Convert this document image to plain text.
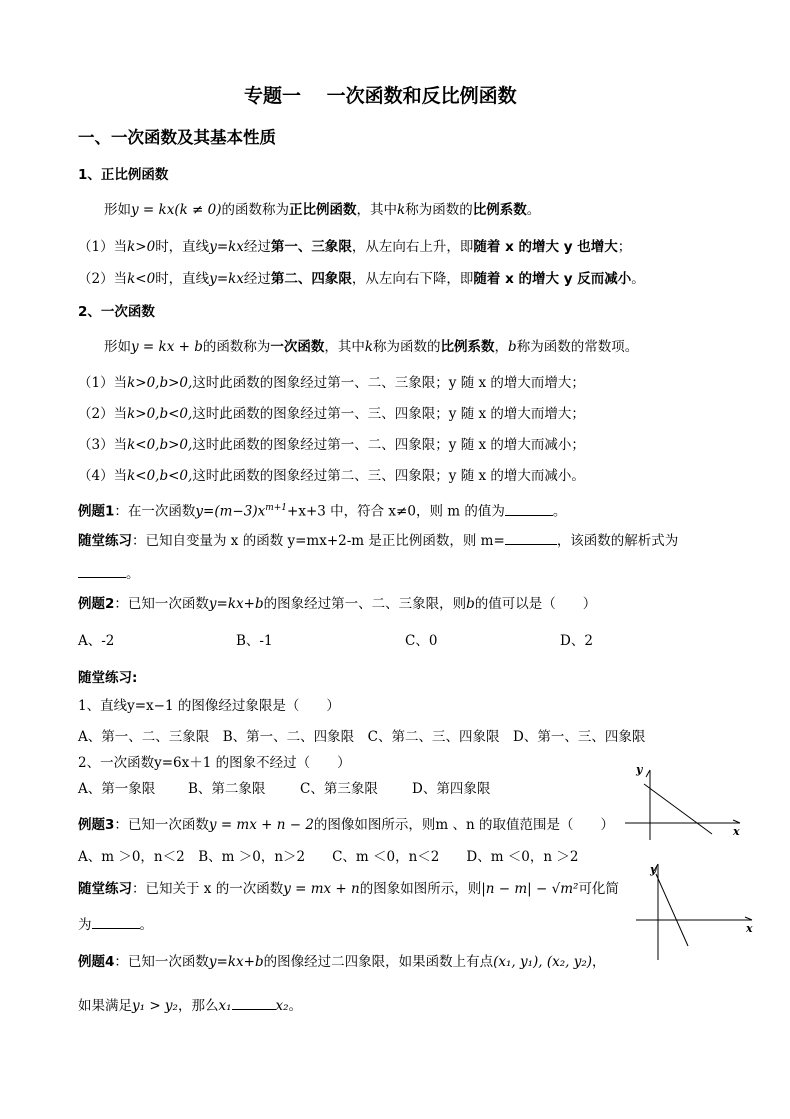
专题一　 一次函数和反比例函数
一、一次函数及其基本性质
1、正比例函数
形如y = kx(k ≠ 0)的函数称为正比例函数，其中k称为函数的比例系数。
（1）当k>0时，直线y=kx经过第一、三象限，从左向右上升，即随着 x 的增大 y 也增大；
（2）当k<0时，直线y=kx经过第二、四象限，从左向右下降，即随着 x 的增大 y 反而减小。
2、一次函数
形如y = kx + b的函数称为一次函数，其中k称为函数的比例系数，b称为函数的常数项。
（1）当k>0,b>0,这时此函数的图象经过第一、二、三象限；y 随 x 的增大而增大；
（2）当k>0,b<0,这时此函数的图象经过第一、三、四象限；y 随 x 的增大而增大；
（3）当k<0,b>0,这时此函数的图象经过第一、二、四象限；y 随 x 的增大而减小；
（4）当k<0,b<0,这时此函数的图象经过第二、三、四象限；y 随 x 的增大而减小。
例题1：在一次函数$y=(m-3)x^{m+1}+x+3$ 中，符合 x≠0，则 m 的值为	。
随堂练习：已知自变量为 x 的函数 y=mx+2-m 是正比例函数，则 m=	，该函数的解析式为
。
例题2：已知一次函数y=kx+b的图象经过第一、二、三象限，则b的值可以是（　　）
A、-2	B、-1	C、0	D、2
随堂练习:
1、直线y=x−1 的图像经过象限是（　　）
A、第一、二、三象限　B、第一、二、四象限　C、第二、三、四象限　D、第一、三、四象限
2、一次函数y=6x＋1 的图象不经过（　　）
A、第一象限 B、第二象限	C、第三象限	D、第四象限
例题3：已知一次函数y = mx + n − 2的图像如图所示，则m 、n 的取值范围是（　　）
A、m ＞0，n＜2　B、m ＞0，n＞2　　C、m ＜0，n＜2　　D、m ＜0，n ＞2
随堂练习：已知关于 x 的一次函数y = mx + n的图象如图所示，则|n − m| − √m²可化简
为	。
例题4：已知一次函数y=kx+b的图像经过二四象限，如果函数上有点(x₁, y₁), (x₂, y₂)，
如果满足y₁ > y₂，那么x₁	x₂。
y
x
y
x
